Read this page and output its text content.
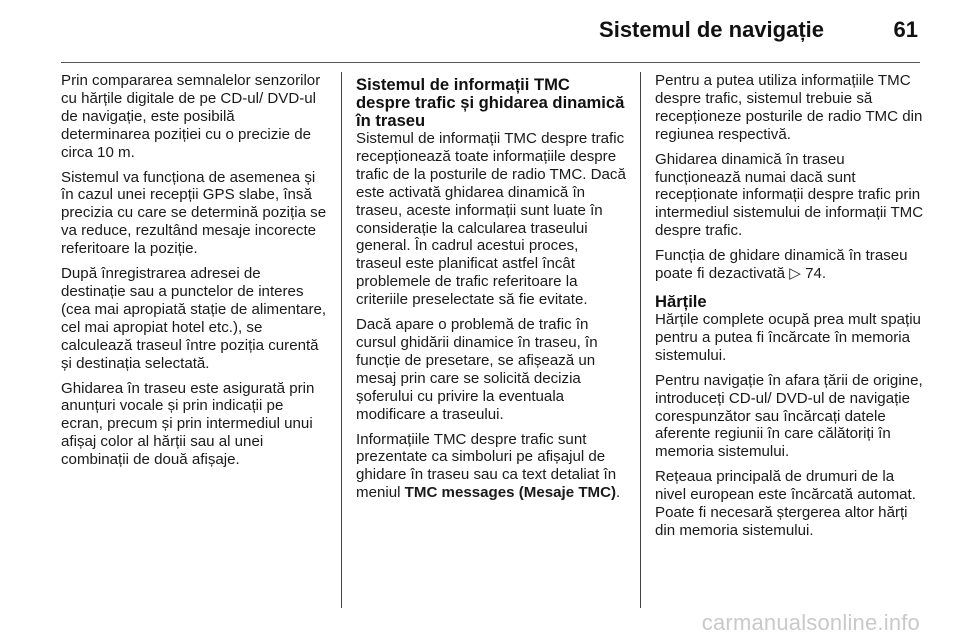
Sistemul de navigație	61

Prin compararea semnalelor senzorilor cu hărțile digitale de pe CD-ul/ DVD-ul de navigație, este posibilă determinarea poziției cu o precizie de circa 10 m.

Sistemul va funcționa de asemenea și în cazul unei recepții GPS slabe, însă precizia cu care se determină poziția se va reduce, rezultând mesaje incorecte referitoare la poziție.

După înregistrarea adresei de destinație sau a punctelor de interes (cea mai apropiată stație de alimentare, cel mai apropiat hotel etc.), se calculează traseul între poziția curentă și destinația selectată.

Ghidarea în traseu este asigurată prin anunțuri vocale și prin indicații pe ecran, precum și prin intermediul unui afișaj color al hărții sau al unei combinații de două afișaje.

Sistemul de informații TMC despre trafic și ghidarea dinamică în traseu

Sistemul de informații TMC despre trafic recepționează toate informațiile despre trafic de la posturile de radio TMC. Dacă este activată ghidarea dinamică în traseu, aceste informații sunt luate în considerație la calcularea traseului general. În cadrul acestui proces, traseul este planificat astfel încât problemele de trafic referitoare la criteriile preselectate să fie evitate.

Dacă apare o problemă de trafic în cursul ghidării dinamice în traseu, în funcție de presetare, se afișează un mesaj prin care se solicită decizia șoferului cu privire la eventuala modificare a traseului.

Informațiile TMC despre trafic sunt prezentate ca simboluri pe afișajul de ghidare în traseu sau ca text detaliat în meniul TMC messages (Mesaje TMC).

Pentru a putea utiliza informațiile TMC despre trafic, sistemul trebuie să recepționeze posturile de radio TMC din regiunea respectivă.

Ghidarea dinamică în traseu funcționează numai dacă sunt recepționate informații despre trafic prin intermediul sistemului de informații TMC despre trafic.

Funcția de ghidare dinamică în traseu poate fi dezactivată ▷ 74.

Hărțile

Hărțile complete ocupă prea mult spațiu pentru a putea fi încărcate în memoria sistemului.

Pentru navigație în afara țării de origine, introduceți CD-ul/ DVD-ul de navigație corespunzător sau încărcați datele aferente regiunii în care călătoriți în memoria sistemului.

Rețeaua principală de drumuri de la nivel european este încărcată automat. Poate fi necesară ștergerea altor hărți din memoria sistemului.

carmanualsonline.info
